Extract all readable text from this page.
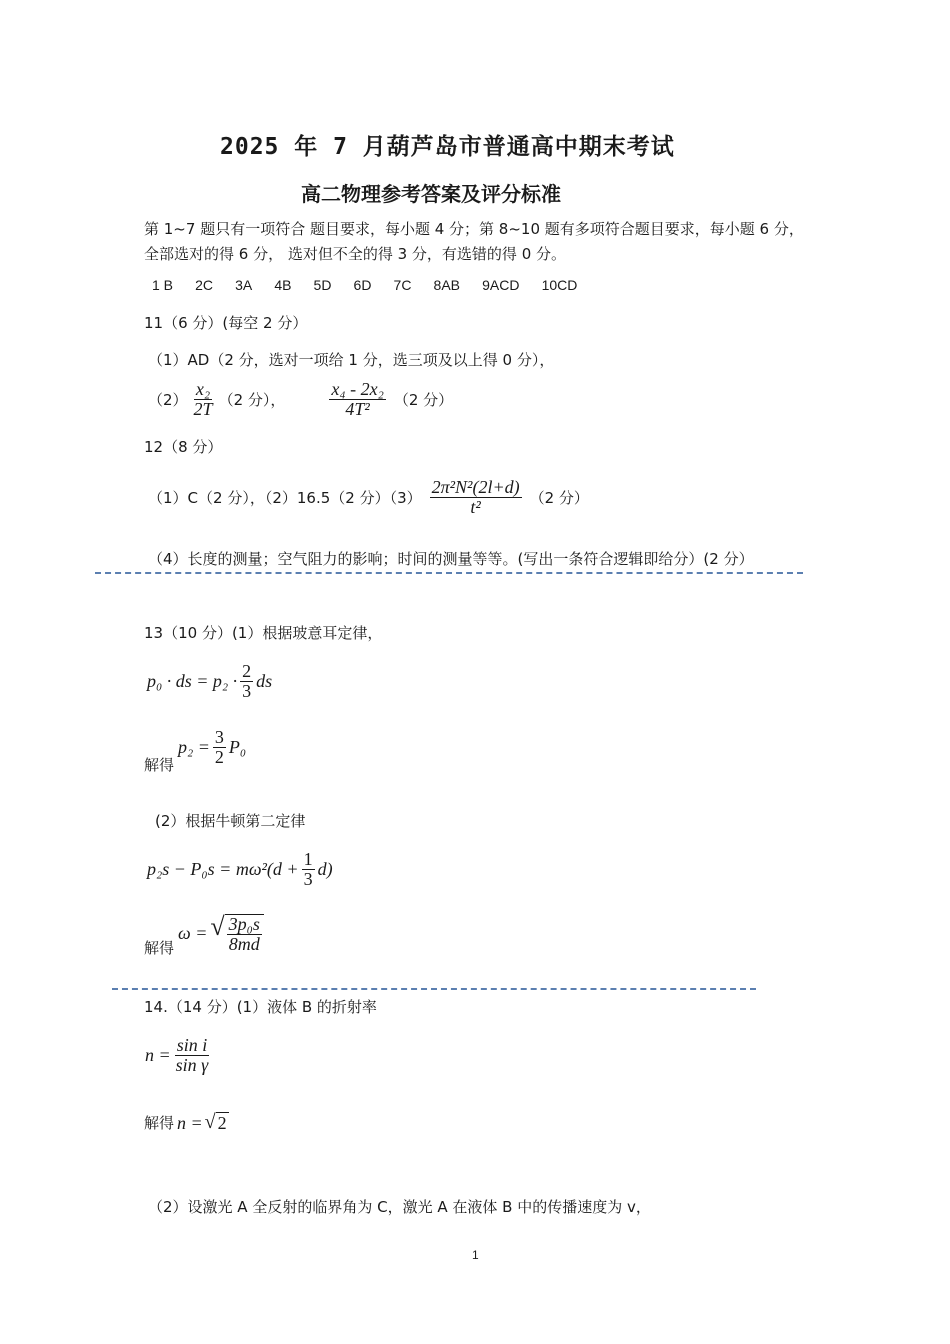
2025 年 7 月葫芦岛市普通高中期末考试
高二物理参考答案及评分标准
第 1~7 题只有一项符合 题目要求，每小题 4 分；第 8~10 题有多项符合题目要求，每小题 6 分，
全部选对的得 6 分， 选对但不全的得 3 分，有选错的得 0 分。
1 B 2C 3A 4B 5D 6D 7C 8AB 9ACD 10CD
11（6 分）(每空 2 分）
（1）AD（2 分，选对一项给 1 分，选三项及以上得 0 分），
$(2) \frac{\text{x₂}}{2T} (2$ 分）， $\frac{\text{x₄ - 2x₂}}{\text{4T²}} (2$ 分）
12（8 分）
（1）C（2 分），（2）16.5（2 分）$(3) \frac{\text{2π²N²(2l+d)}}{\text{t²}} (2$ 分）
（4）长度的测量；空气阻力的影响；时间的测量等等。(写出一条符合逻辑即给分）(2 分）
13（10 分）(1）根据玻意耳定律，
p₀ · ds = $p_2 \cdot \frac{2}{3}$ ds
解得
$p_2 = \frac{3}{2} P_0$
(2）根据牛顿第二定律
$p_2s - P_0s = m\omega^2(d + \frac{1}{3} d)$
解得
ω = √ $\frac{\text{3p₀s}}{8md}$
14.（14 分）(1）液体 B 的折射率
$n = \frac{\text{sin i}}{\text{sin γ}}$
解得 n = √ 2
（2）设激光 A 全反射的临界角为 C，激光 A 在液体 B 中的传播速度为 v，
1
